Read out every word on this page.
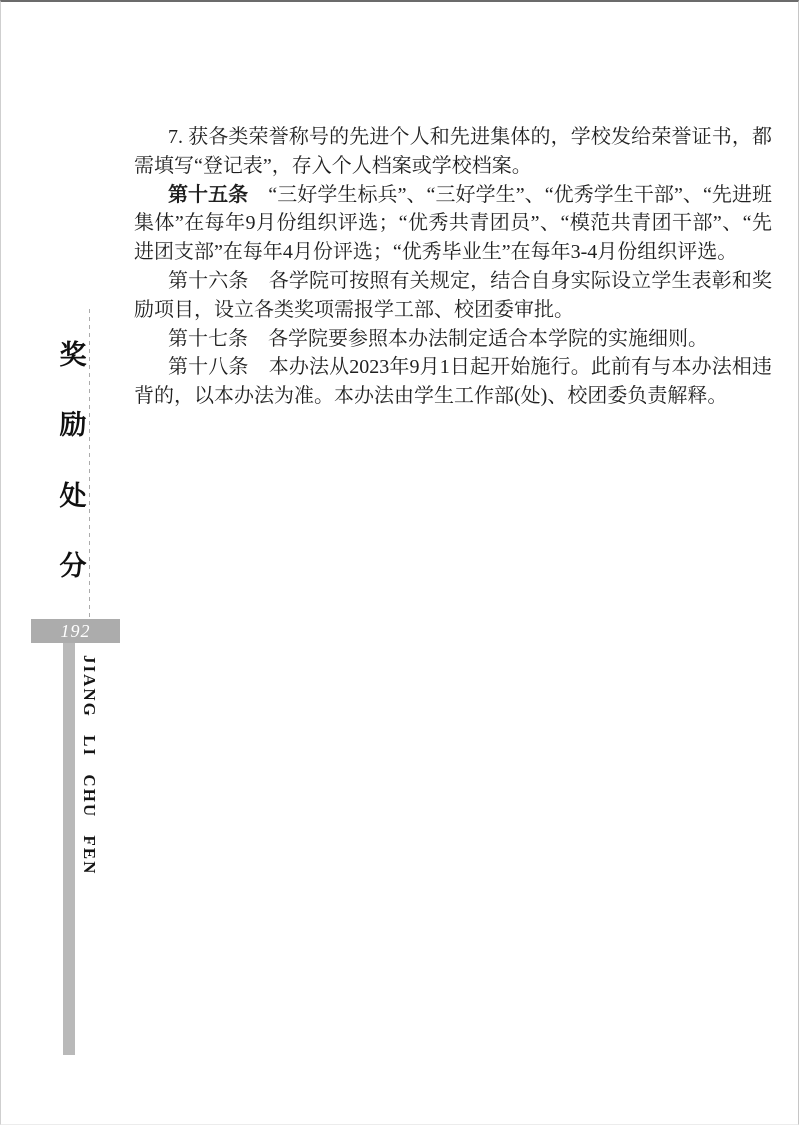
7. 获各类荣誉称号的先进个人和先进集体的，学校发给荣誉证书，都需填写“登记表”，存入个人档案或学校档案。

第十五条　 “三好学生标兵”、“三好学生”、“优秀学生干部”、“先进班集体”在每年9月份组织评选；“优秀共青团员”、“模范共青团干部”、“先进团支部”在每年4月份评选；“优秀毕业生”在每年3-4月份组织评选。

第十六条　 各学院可按照有关规定，结合自身实际设立学生表彰和奖励项目，设立各类奖项需报学工部、校团委审批。

第十七条　 各学院要参照本办法制定适合本学院的实施细则。

第十八条　 本办法从2023年9月1日起开始施行。此前有与本办法相违背的，以本办法为准。本办法由学生工作部(处)、校团委负责解释。

奖
励
处
分
192
JIANG LI CHU FEN
